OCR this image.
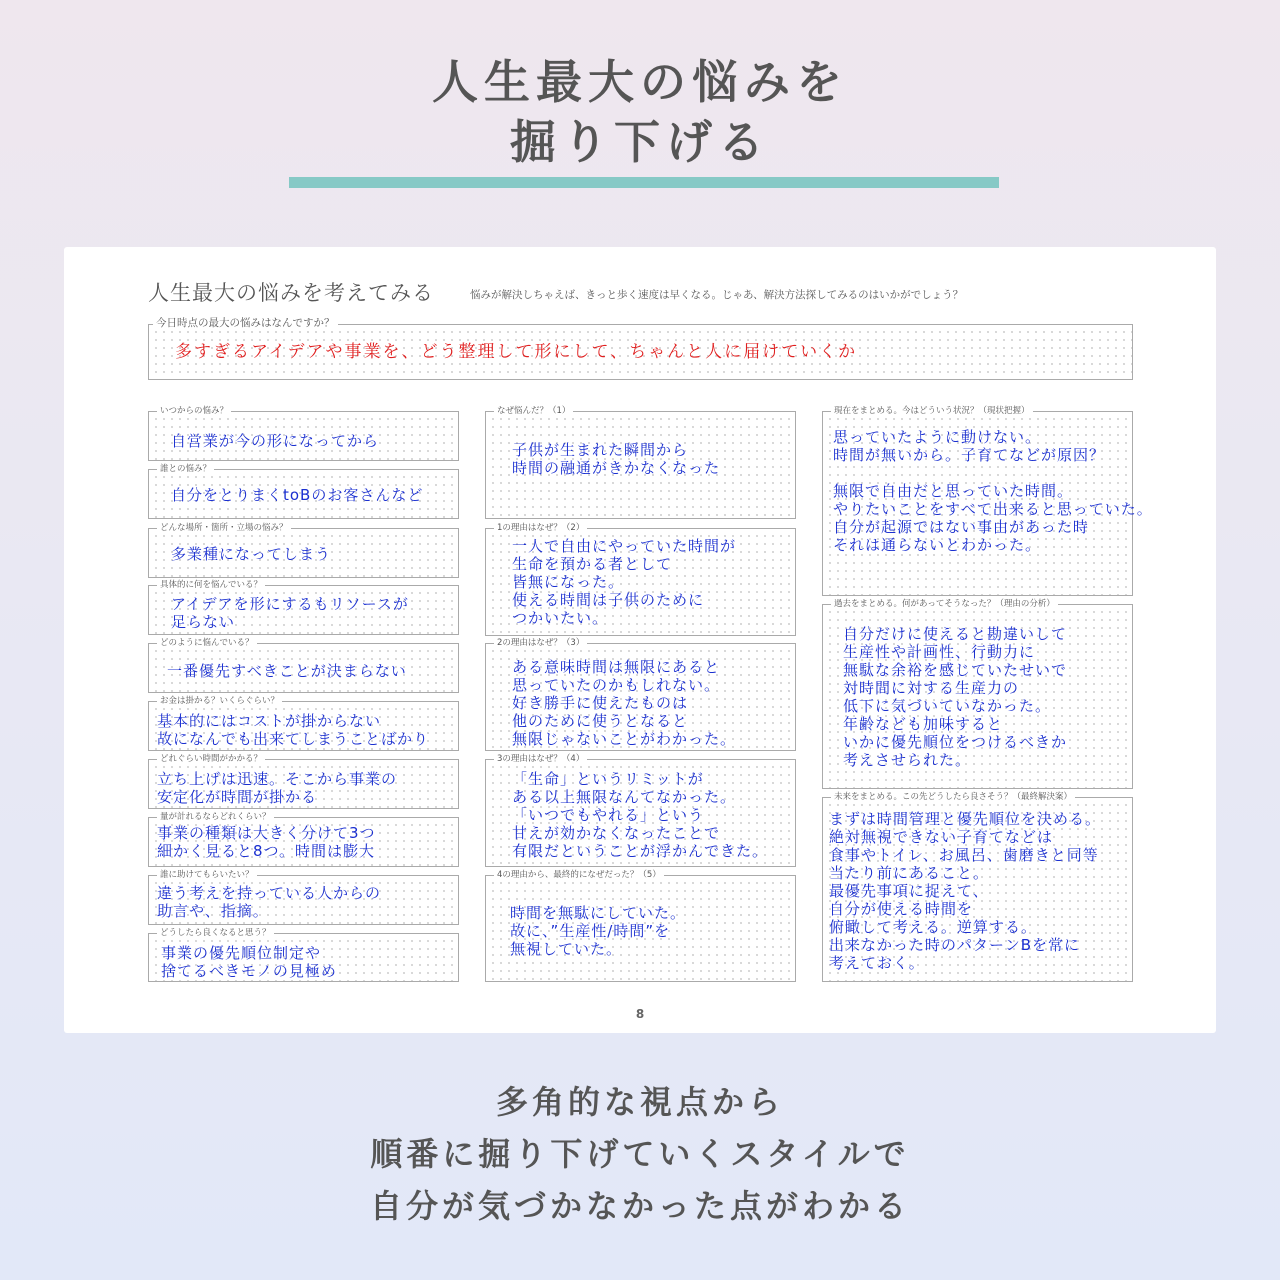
人生最大の悩みを
掘り下げる
人生最大の悩みを考えてみる	悩みが解決しちゃえば、きっと歩く速度は早くなる。じゃあ、解決方法探してみるのはいかがでしょう？
今日時点の最大の悩みはなんですか？
多すぎるアイデアや事業を、どう整理して形にして、ちゃんと人に届けていくか
いつからの悩み？
自営業が今の形になってから
誰との悩み？
自分をとりまくtoBのお客さんなど
どんな場所・箇所・立場の悩み？
多業種になってしまう
具体的に何を悩んでいる？
アイデアを形にするもリソースが
足らない
どのように悩んでいる？
一番優先すべきことが決まらない
お金は掛かる？いくらぐらい？
基本的にはコストが掛からない
故になんでも出来てしまうことばかり
どれぐらい時間がかかる？
立ち上げは迅速。そこから事業の
安定化が時間が掛かる
量が計れるならどれくらい？
事業の種類は大きく分けて3つ
細かく見ると8つ。時間は膨大
誰に助けてもらいたい？
違う考えを持っている人からの
助言や、指摘。
どうしたら良くなると思う？
事業の優先順位制定や
捨てるべきモノの見極め
なぜ悩んだ？（1）
子供が生まれた瞬間から
時間の融通がきかなくなった
1の理由はなぜ？（2）
一人で自由にやっていた時間が
生命を預かる者として
皆無になった。
使える時間は子供のために
つかいたい。
2の理由はなぜ？（3）
ある意味時間は無限にあると
思っていたのかもしれない。
好き勝手に使えたものは
他のために使うとなると
無限じゃないことがわかった。
3の理由はなぜ？（4）
「生命」というリミットが
ある以上無限なんてなかった。
「いつでもやれる」という
甘えが効かなくなったことで
有限だということが浮かんできた。
4の理由から、最終的になぜだった？（5）
時間を無駄にしていた。
故に、”生産性/時間”を
無視していた。
現在をまとめる。今はどういう状況？（現状把握）
思っていたように動けない。
時間が無いから。子育てなどが原因？

無限で自由だと思っていた時間。
やりたいことをすべて出来ると思っていた。
自分が起源ではない事由があった時
それは通らないとわかった。
過去をまとめる。何があってそうなった？（理由の分析）
自分だけに使えると勘違いして
生産性や計画性、行動力に
無駄な余裕を感じていたせいで
対時間に対する生産力の
低下に気づいていなかった。
年齢なども加味すると
いかに優先順位をつけるべきか
考えさせられた。
未来をまとめる。この先どうしたら良さそう？（最終解決案）
まずは時間管理と優先順位を決める。
絶対無視できない子育てなどは
食事やトイレ、お風呂、歯磨きと同等
当たり前にあること。
最優先事項に捉えて、
自分が使える時間を
俯瞰して考える。逆算する。
出来なかった時のパターンBを常に
考えておく。
8
多角的な視点から
順番に掘り下げていくスタイルで
自分が気づかなかった点がわかる
